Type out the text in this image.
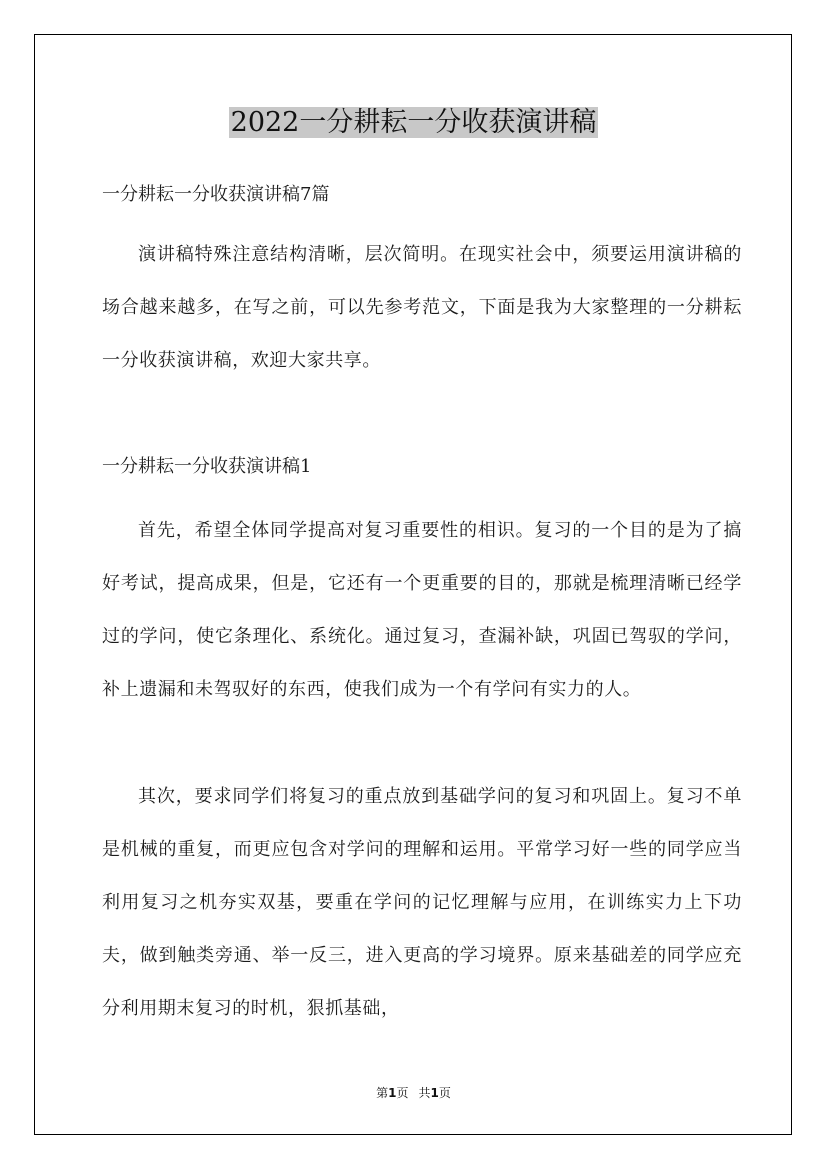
2022一分耕耘一分收获演讲稿
一分耕耘一分收获演讲稿7篇

演讲稿特殊注意结构清晰，层次简明。在现实社会中，须要运用演讲稿的场合越来越多，在写之前，可以先参考范文，下面是我为大家整理的一分耕耘一分收获演讲稿，欢迎大家共享。

一分耕耘一分收获演讲稿1

首先，希望全体同学提高对复习重要性的相识。复习的一个目的是为了搞好考试，提高成果，但是，它还有一个更重要的目的，那就是梳理清晰已经学过的学问，使它条理化、系统化。通过复习，查漏补缺，巩固已驾驭的学问，补上遗漏和未驾驭好的东西，使我们成为一个有学问有实力的人。

其次，要求同学们将复习的重点放到基础学问的复习和巩固上。复习不单是机械的重复，而更应包含对学问的理解和运用。平常学习好一些的同学应当利用复习之机夯实双基，要重在学问的记忆理解与应用，在训练实力上下功夫，做到触类旁通、举一反三，进入更高的学习境界。原来基础差的同学应充分利用期末复习的时机，狠抓基础，

第1页 共1页
